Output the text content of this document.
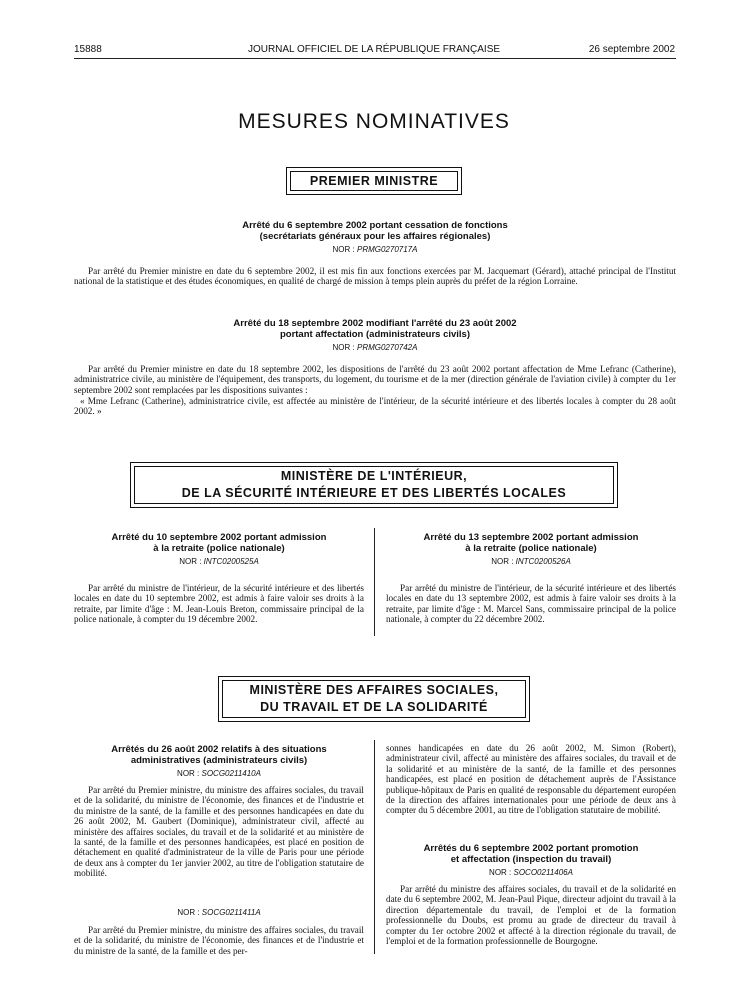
15888	JOURNAL OFFICIEL DE LA RÉPUBLIQUE FRANÇAISE	26 septembre 2002
MESURES NOMINATIVES
PREMIER MINISTRE
Arrêté du 6 septembre 2002 portant cessation de fonctions
(secrétariats généraux pour les affaires régionales)
NOR : PRMG0270717A
Par arrêté du Premier ministre en date du 6 septembre 2002, il est mis fin aux fonctions exercées par M. Jacquemart (Gérard), attaché principal de l'Institut national de la statistique et des études économiques, en qualité de chargé de mission à temps plein auprès du préfet de la région Lorraine.
Arrêté du 18 septembre 2002 modifiant l'arrêté du 23 août 2002
portant affectation (administrateurs civils)
NOR : PRMG0270742A
Par arrêté du Premier ministre en date du 18 septembre 2002, les dispositions de l'arrêté du 23 août 2002 portant affectation de Mme Lefranc (Catherine), administratrice civile, au ministère de l'équipement, des transports, du logement, du tourisme et de la mer (direction générale de l'aviation civile) à compter du 1er septembre 2002 sont remplacées par les dispositions suivantes :
« Mme Lefranc (Catherine), administratrice civile, est affectée au ministère de l'intérieur, de la sécurité intérieure et des libertés locales à compter du 28 août 2002. »
MINISTÈRE DE L'INTÉRIEUR,
DE LA SÉCURITÉ INTÉRIEURE ET DES LIBERTÉS LOCALES
Arrêté du 10 septembre 2002 portant admission
à la retraite (police nationale)
NOR : INTC0200525A
Par arrêté du ministre de l'intérieur, de la sécurité intérieure et des libertés locales en date du 10 septembre 2002, est admis à faire valoir ses droits à la retraite, par limite d'âge : M. Jean-Louis Breton, commissaire principal de la police nationale, à compter du 19 décembre 2002.
Arrêté du 13 septembre 2002 portant admission
à la retraite (police nationale)
NOR : INTC0200526A
Par arrêté du ministre de l'intérieur, de la sécurité intérieure et des libertés locales en date du 13 septembre 2002, est admis à faire valoir ses droits à la retraite, par limite d'âge : M. Marcel Sans, commissaire principal de la police nationale, à compter du 22 décembre 2002.
MINISTÈRE DES AFFAIRES SOCIALES,
DU TRAVAIL ET DE LA SOLIDARITÉ
Arrêtés du 26 août 2002 relatifs à des situations
administratives (administrateurs civils)
NOR : SOCG0211410A
Par arrêté du Premier ministre, du ministre des affaires sociales, du travail et de la solidarité, du ministre de l'économie, des finances et de l'industrie et du ministre de la santé, de la famille et des personnes handicapées en date du 26 août 2002, M. Gaubert (Dominique), administrateur civil, affecté au ministère des affaires sociales, du travail et de la solidarité et au ministère de la santé, de la famille et des personnes handicapées, est placé en position de détachement en qualité d'administrateur de la ville de Paris pour une période de deux ans à compter du 1er janvier 2002, au titre de l'obligation statutaire de mobilité.
NOR : SOCG0211411A
Par arrêté du Premier ministre, du ministre des affaires sociales, du travail et de la solidarité, du ministre de l'économie, des finances et de l'industrie et du ministre de la santé, de la famille et des per-
sonnes handicapées en date du 26 août 2002, M. Simon (Robert), administrateur civil, affecté au ministère des affaires sociales, du travail et de la solidarité et au ministère de la santé, de la famille et des personnes handicapées, est placé en position de détachement auprès de l'Assistance publique-hôpitaux de Paris en qualité de responsable du département européen de la direction des affaires internationales pour une période de deux ans à compter du 5 décembre 2001, au titre de l'obligation statutaire de mobilité.
Arrêtés du 6 septembre 2002 portant promotion
et affectation (inspection du travail)
NOR : SOCO0211406A
Par arrêté du ministre des affaires sociales, du travail et de la solidarité en date du 6 septembre 2002, M. Jean-Paul Pique, directeur adjoint du travail à la direction départementale du travail, de l'emploi et de la formation professionnelle du Doubs, est promu au grade de directeur du travail à compter du 1er octobre 2002 et affecté à la direction régionale du travail, de l'emploi et de la formation professionnelle de Bourgogne.
